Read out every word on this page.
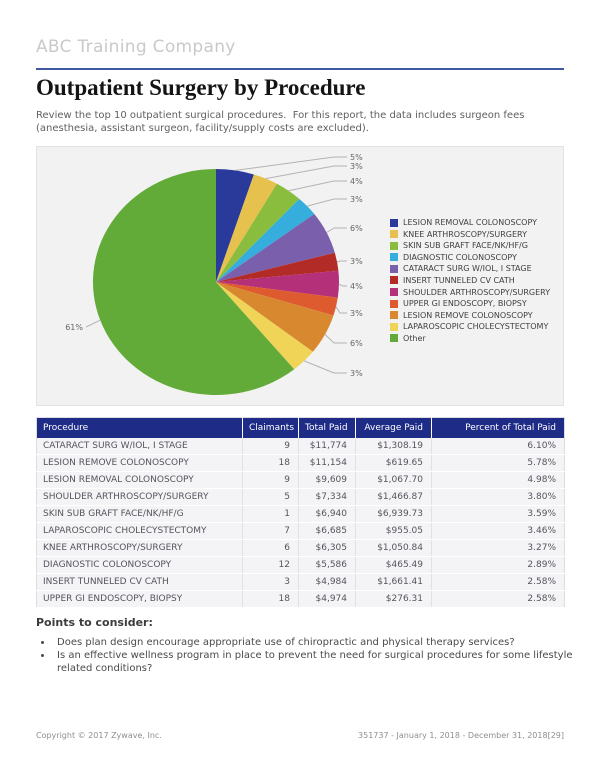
ABC Training Company
Outpatient Surgery by Procedure
Review the top 10 outpatient surgical procedures.  For this report, the data includes surgeon fees
(anesthesia, assistant surgeon, facility/supply costs are excluded).
5%
3%
4%
3%
6%
3%
4%
3%
6%
3%
61%
LESION REMOVAL COLONOSCOPY
KNEE ARTHROSCOPY/SURGERY
SKIN SUB GRAFT FACE/NK/HF/G
DIAGNOSTIC COLONOSCOPY
CATARACT SURG W/IOL, I STAGE
INSERT TUNNELED CV CATH
SHOULDER ARTHROSCOPY/SURGERY
UPPER GI ENDOSCOPY, BIOPSY
LESION REMOVE COLONOSCOPY
LAPAROSCOPIC CHOLECYSTECTOMY
Other
Procedure	Claimants	Total Paid	Average Paid	Percent of Total Paid
CATARACT SURG W/IOL, I STAGE	9	$11,774	$1,308.19	6.10%
LESION REMOVE COLONOSCOPY	18	$11,154	$619.65	5.78%
LESION REMOVAL COLONOSCOPY	9	$9,609	$1,067.70	4.98%
SHOULDER ARTHROSCOPY/SURGERY	5	$7,334	$1,466.87	3.80%
SKIN SUB GRAFT FACE/NK/HF/G	1	$6,940	$6,939.73	3.59%
LAPAROSCOPIC CHOLECYSTECTOMY	7	$6,685	$955.05	3.46%
KNEE ARTHROSCOPY/SURGERY	6	$6,305	$1,050.84	3.27%
DIAGNOSTIC COLONOSCOPY	12	$5,586	$465.49	2.89%
INSERT TUNNELED CV CATH	3	$4,984	$1,661.41	2.58%
UPPER GI ENDOSCOPY, BIOPSY	18	$4,974	$276.31	2.58%
Points to consider:
• Does plan design encourage appropriate use of chiropractic and physical therapy services?
• Is an effective wellness program in place to prevent the need for surgical procedures for some lifestyle related conditions?
Copyright © 2017 Zywave, Inc.	351737 - January 1, 2018 - December 31, 2018[29]
